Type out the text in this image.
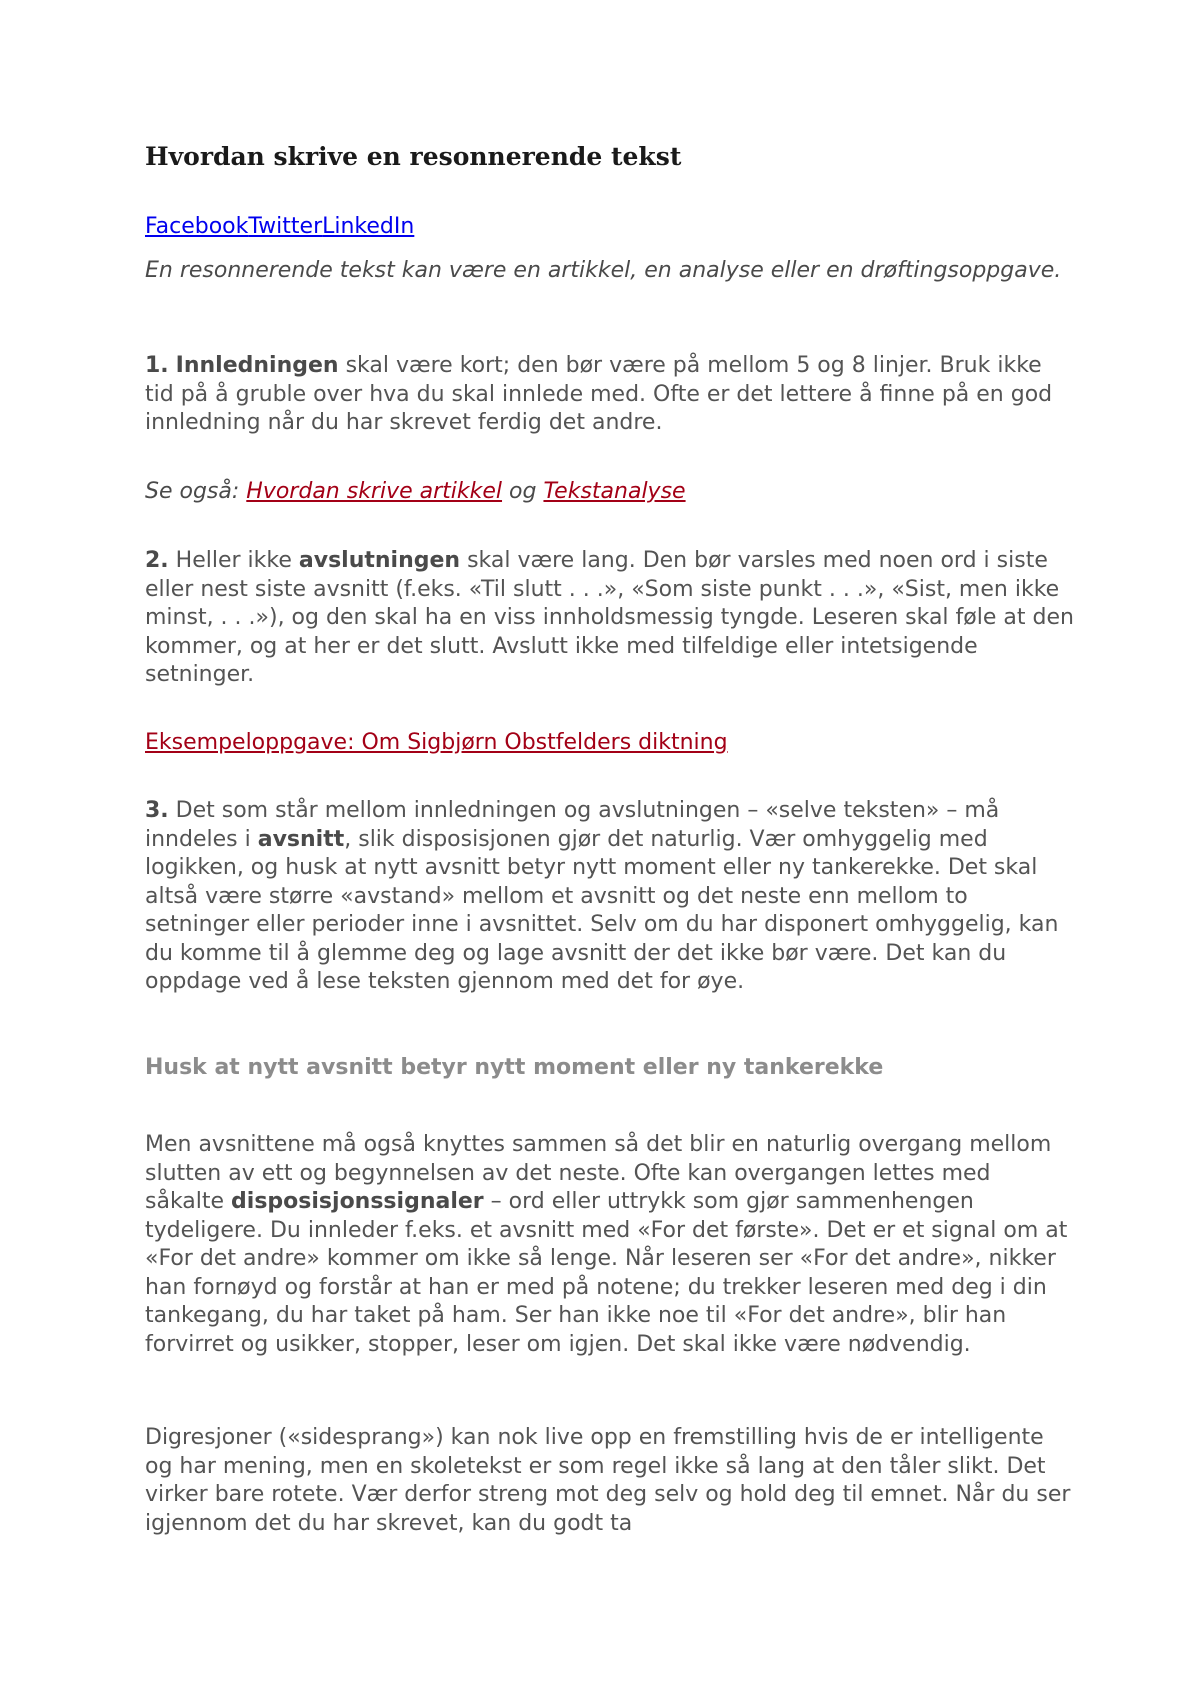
Hvordan skrive en resonnerende tekst
FacebookTwitterLinkedIn

En resonnerende tekst kan være en artikkel, en analyse eller en drøftingsoppgave.

1. Innledningen skal være kort; den bør være på mellom 5 og 8 linjer. Bruk ikke tid på å gruble over hva du skal innlede med. Ofte er det lettere å finne på en god innledning når du har skrevet ferdig det andre.

Se også: Hvordan skrive artikkel og Tekstanalyse

2. Heller ikke avslutningen skal være lang. Den bør varsles med noen ord i siste eller nest siste avsnitt (f.eks. «Til slutt . . .», «Som siste punkt . . .», «Sist, men ikke minst, . . .»), og den skal ha en viss innholdsmessig tyngde. Leseren skal føle at den kommer, og at her er det slutt. Avslutt ikke med tilfeldige eller intetsigende setninger.

Eksempeloppgave: Om Sigbjørn Obstfelders diktning

3. Det som står mellom innledningen og avslutningen – «selve teksten» – må inndeles i avsnitt, slik disposisjonen gjør det naturlig. Vær omhyggelig med logikken, og husk at nytt avsnitt betyr nytt moment eller ny tankerekke. Det skal altså være større «avstand» mellom et avsnitt og det neste enn mellom to setninger eller perioder inne i avsnittet. Selv om du har disponert omhyggelig, kan du komme til å glemme deg og lage avsnitt der det ikke bør være. Det kan du oppdage ved å lese teksten gjennom med det for øye.

Husk at nytt avsnitt betyr nytt moment eller ny tankerekke

Men avsnittene må også knyttes sammen så det blir en naturlig overgang mellom slutten av ett og begynnelsen av det neste. Ofte kan overgangen lettes med såkalte disposisjonssignaler – ord eller uttrykk som gjør sammenhengen tydeligere. Du innleder f.eks. et avsnitt med «For det første». Det er et signal om at «For det andre» kommer om ikke så lenge. Når leseren ser «For det andre», nikker han fornøyd og forstår at han er med på notene; du trekker leseren med deg i din tankegang, du har taket på ham. Ser han ikke noe til «For det andre», blir han forvirret og usikker, stopper, leser om igjen. Det skal ikke være nødvendig.

Digresjoner («sidesprang») kan nok live opp en fremstilling hvis de er intelligente og har mening, men en skoletekst er som regel ikke så lang at den tåler slikt. Det virker bare rotete. Vær derfor streng mot deg selv og hold deg til emnet. Når du ser igjennom det du har skrevet, kan du godt ta
